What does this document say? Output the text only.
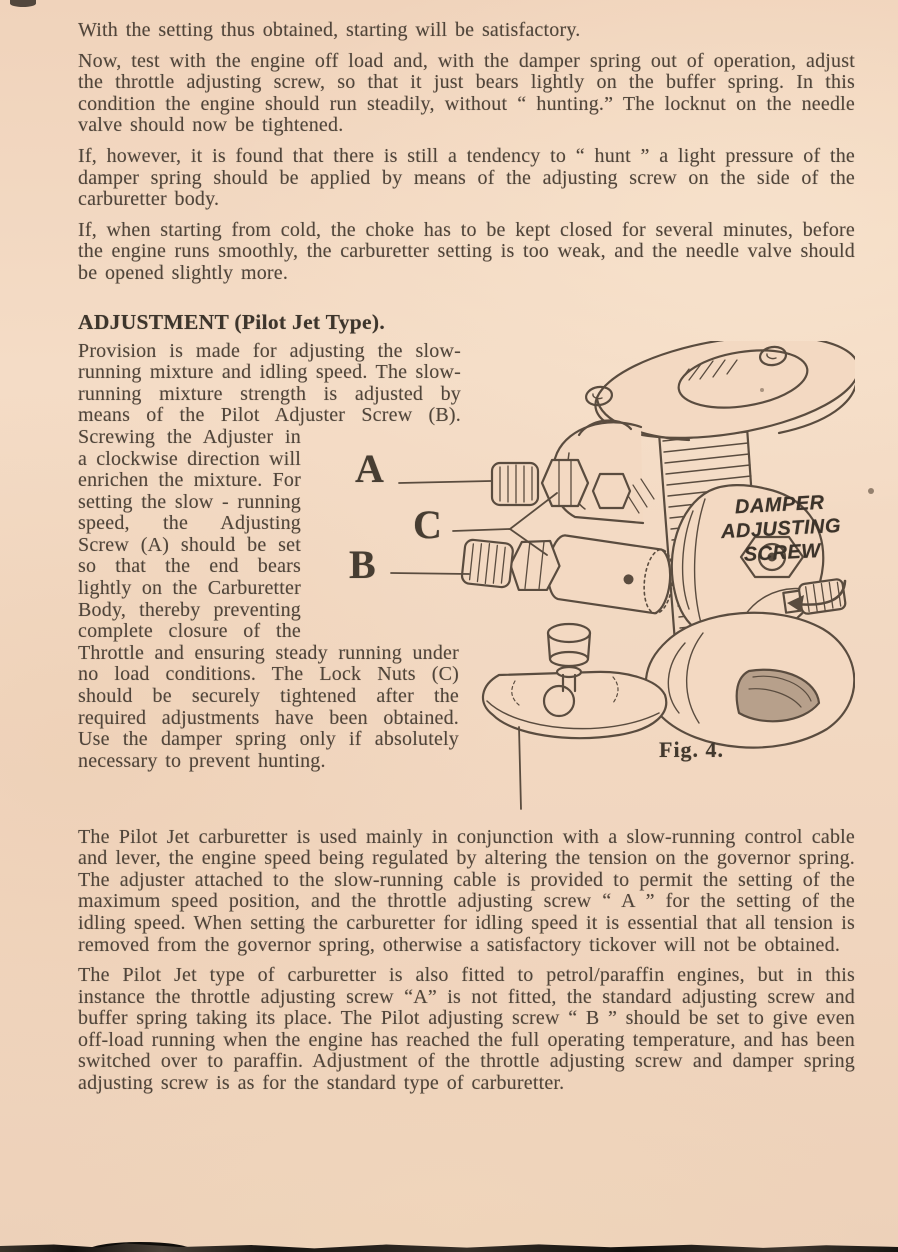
With the setting thus obtained, starting will be satisfactory.

Now, test with the engine off load and, with the damper spring out of operation, adjust the throttle adjusting screw, so that it just bears lightly on the buffer spring. In this condition the engine should run steadily, without “ hunting.” The locknut on the needle valve should now be tightened.

If, however, it is found that there is still a tendency to “ hunt ” a light pressure of the damper spring should be applied by means of the adjusting screw on the side of the carburetter body.

If, when starting from cold, the choke has to be kept closed for several minutes, before the engine runs smoothly, the carburetter setting is too weak, and the needle valve should be opened slightly more.

ADJUSTMENT (Pilot Jet Type).
A
C
B
DAMPER
ADJUSTING
SCREW
Fig. 4.

Provision is made for adjusting the slow-running mixture and idling speed. The slow-running mixture strength is adjusted by means of the Pilot Adjuster Screw (B). Screwing the Adjuster in a clockwise direction will enrichen the mixture. For setting the slow - running speed, the Adjusting Screw (A) should be set so that the end bears lightly on the Carburetter Body, thereby preventing complete closure of the Throttle and ensuring steady running under no load conditions. The Lock Nuts (C) should be securely tightened after the required adjustments have been obtained. Use the damper spring only if absolutely necessary to prevent hunting.

The Pilot Jet carburetter is used mainly in conjunction with a slow-running control cable and lever, the engine speed being regulated by altering the tension on the governor spring. The adjuster attached to the slow-running cable is provided to permit the setting of the maximum speed position, and the throttle adjusting screw “ A ” for the setting of the idling speed. When setting the carburetter for idling speed it is essential that all tension is removed from the governor spring, otherwise a satisfactory tickover will not be obtained.

The Pilot Jet type of carburetter is also fitted to petrol/paraffin engines, but in this instance the throttle adjusting screw “A” is not fitted, the standard adjusting screw and buffer spring taking its place. The Pilot adjusting screw “ B ” should be set to give even off-load running when the engine has reached the full operating temperature, and has been switched over to paraffin. Adjustment of the throttle adjusting screw and damper spring adjusting screw is as for the standard type of carburetter.
